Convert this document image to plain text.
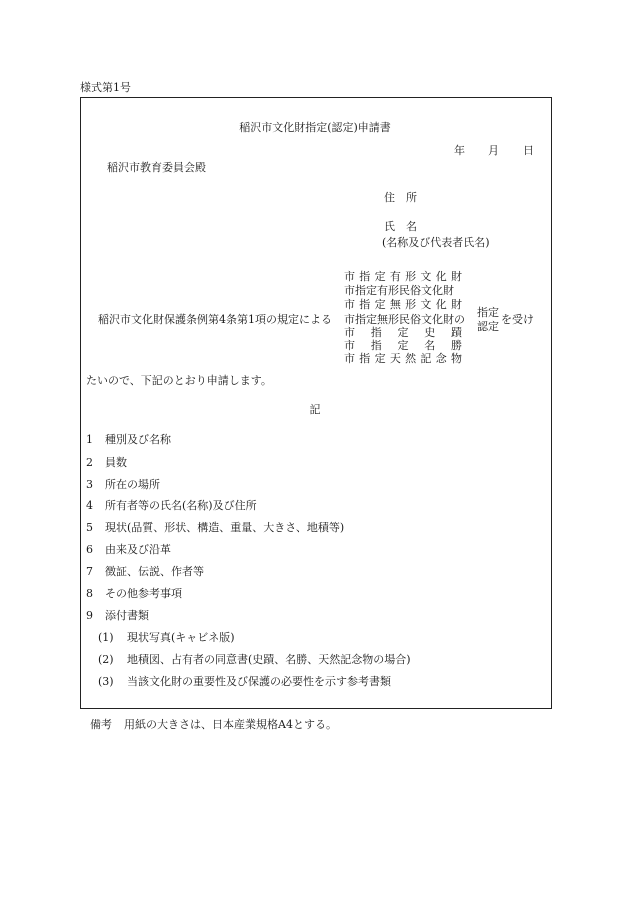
様式第1号
稲沢市文化財指定(認定)申請書
年 月 日
稲沢市教育委員会殿
住　所
氏　名
(名称及び代表者氏名)
稲沢市文化財保護条例第4条第1項の規定による
市 指 定 有 形 文 化 財
市指定有形民俗文化財
市 指 定 無 形 文 化 財
市指定無形民俗文化財の
市 指 定 史 蹟
市 指 定 名 勝
市 指 定 天 然 記 念 物
指定
認定
を受け
たいので、下記のとおり申請します。
記
1 種別及び名称
2 員数
3 所在の場所
4 所有者等の氏名(名称)及び住所
5 現状(品質、形状、構造、重量、大きさ、地積等)
6 由来及び沿革
7 徴証、伝説、作者等
8 その他参考事項
9 添付書類
(1) 現状写真(キャビネ版)
(2) 地積図、占有者の同意書(史蹟、名勝、天然記念物の場合)
(3) 当該文化財の重要性及び保護の必要性を示す参考書類
備考 用紙の大きさは、日本産業規格A4とする。
